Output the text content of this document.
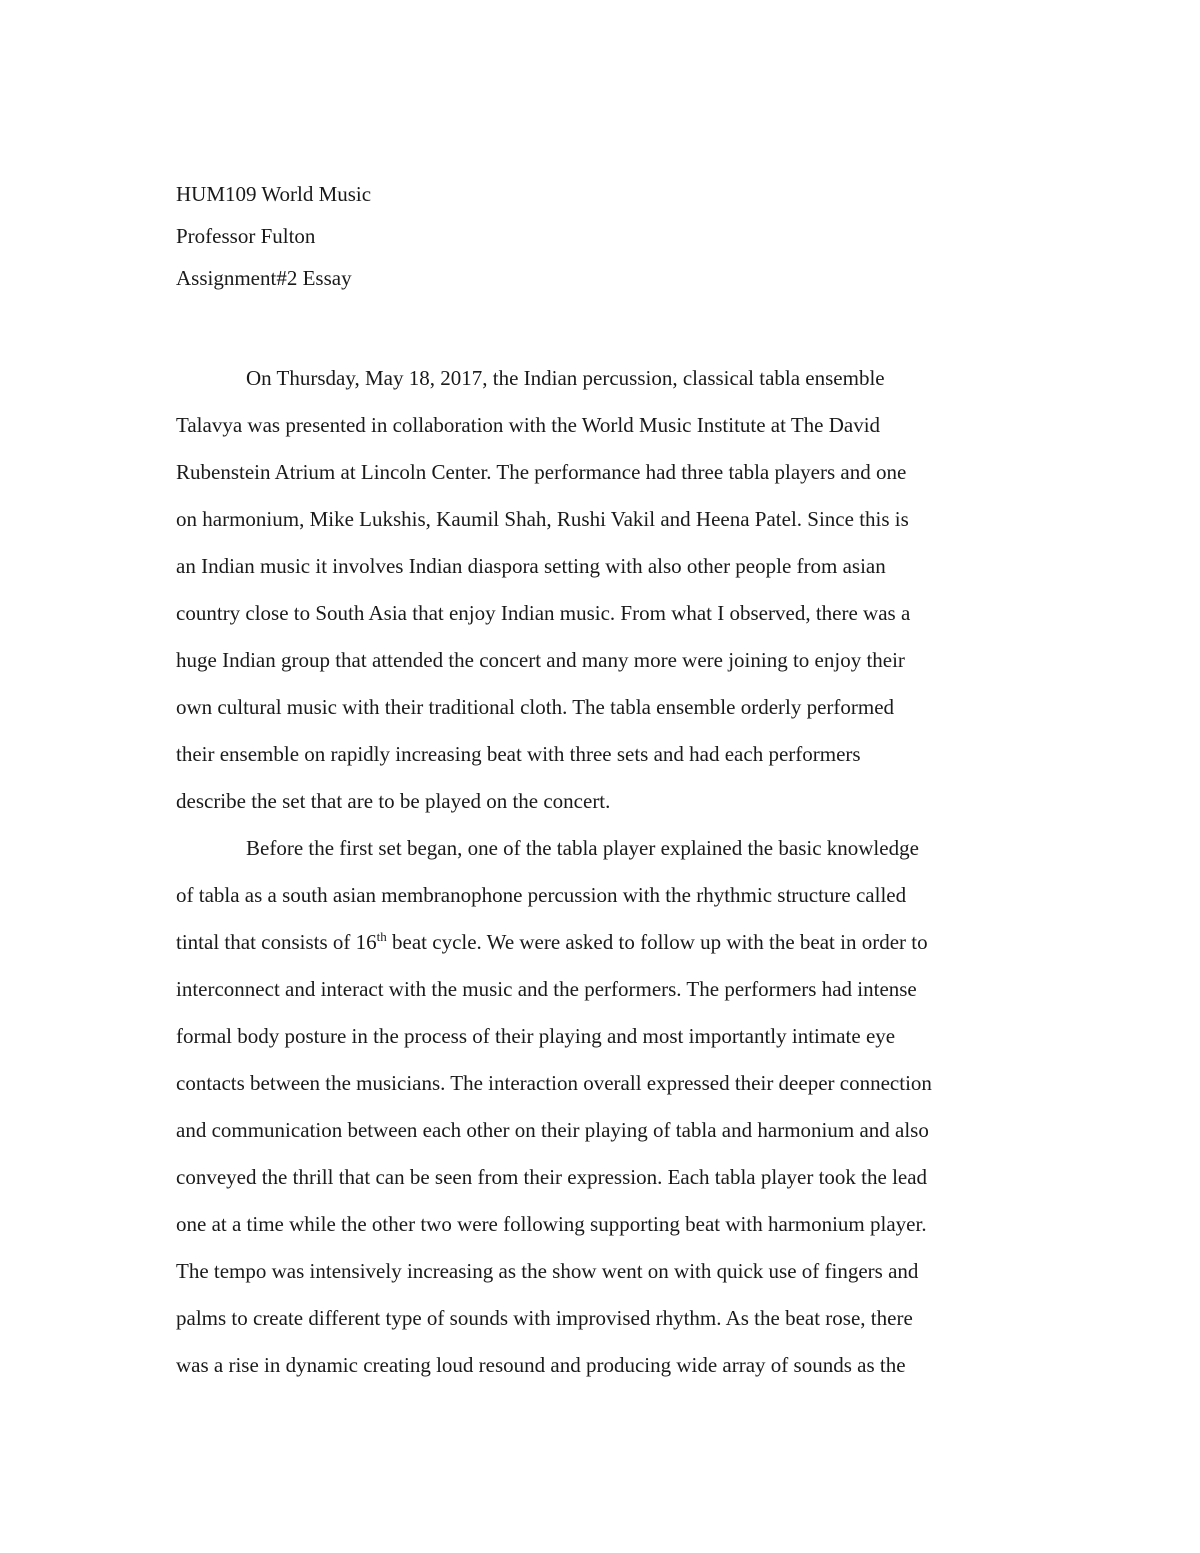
HUM109 World Music
Professor Fulton
Assignment#2 Essay
On Thursday, May 18, 2017, the Indian percussion, classical tabla ensemble
Talavya was presented in collaboration with the World Music Institute at The David
Rubenstein Atrium at Lincoln Center. The performance had three tabla players and one
on harmonium, Mike Lukshis, Kaumil Shah, Rushi Vakil and Heena Patel. Since this is
an Indian music it involves Indian diaspora setting with also other people from asian
country close to South Asia that enjoy Indian music. From what I observed, there was a
huge Indian group that attended the concert and many more were joining to enjoy their
own cultural music with their traditional cloth. The tabla ensemble orderly performed
their ensemble on rapidly increasing beat with three sets and had each performers
describe the set that are to be played on the concert.
Before the first set began, one of the tabla player explained the basic knowledge
of tabla as a south asian membranophone percussion with the rhythmic structure called
tintal that consists of 16th beat cycle. We were asked to follow up with the beat in order to
interconnect and interact with the music and the performers. The performers had intense
formal body posture in the process of their playing and most importantly intimate eye
contacts between the musicians. The interaction overall expressed their deeper connection
and communication between each other on their playing of tabla and harmonium and also
conveyed the thrill that can be seen from their expression. Each tabla player took the lead
one at a time while the other two were following supporting beat with harmonium player.
The tempo was intensively increasing as the show went on with quick use of fingers and
palms to create different type of sounds with improvised rhythm. As the beat rose, there
was a rise in dynamic creating loud resound and producing wide array of sounds as the
